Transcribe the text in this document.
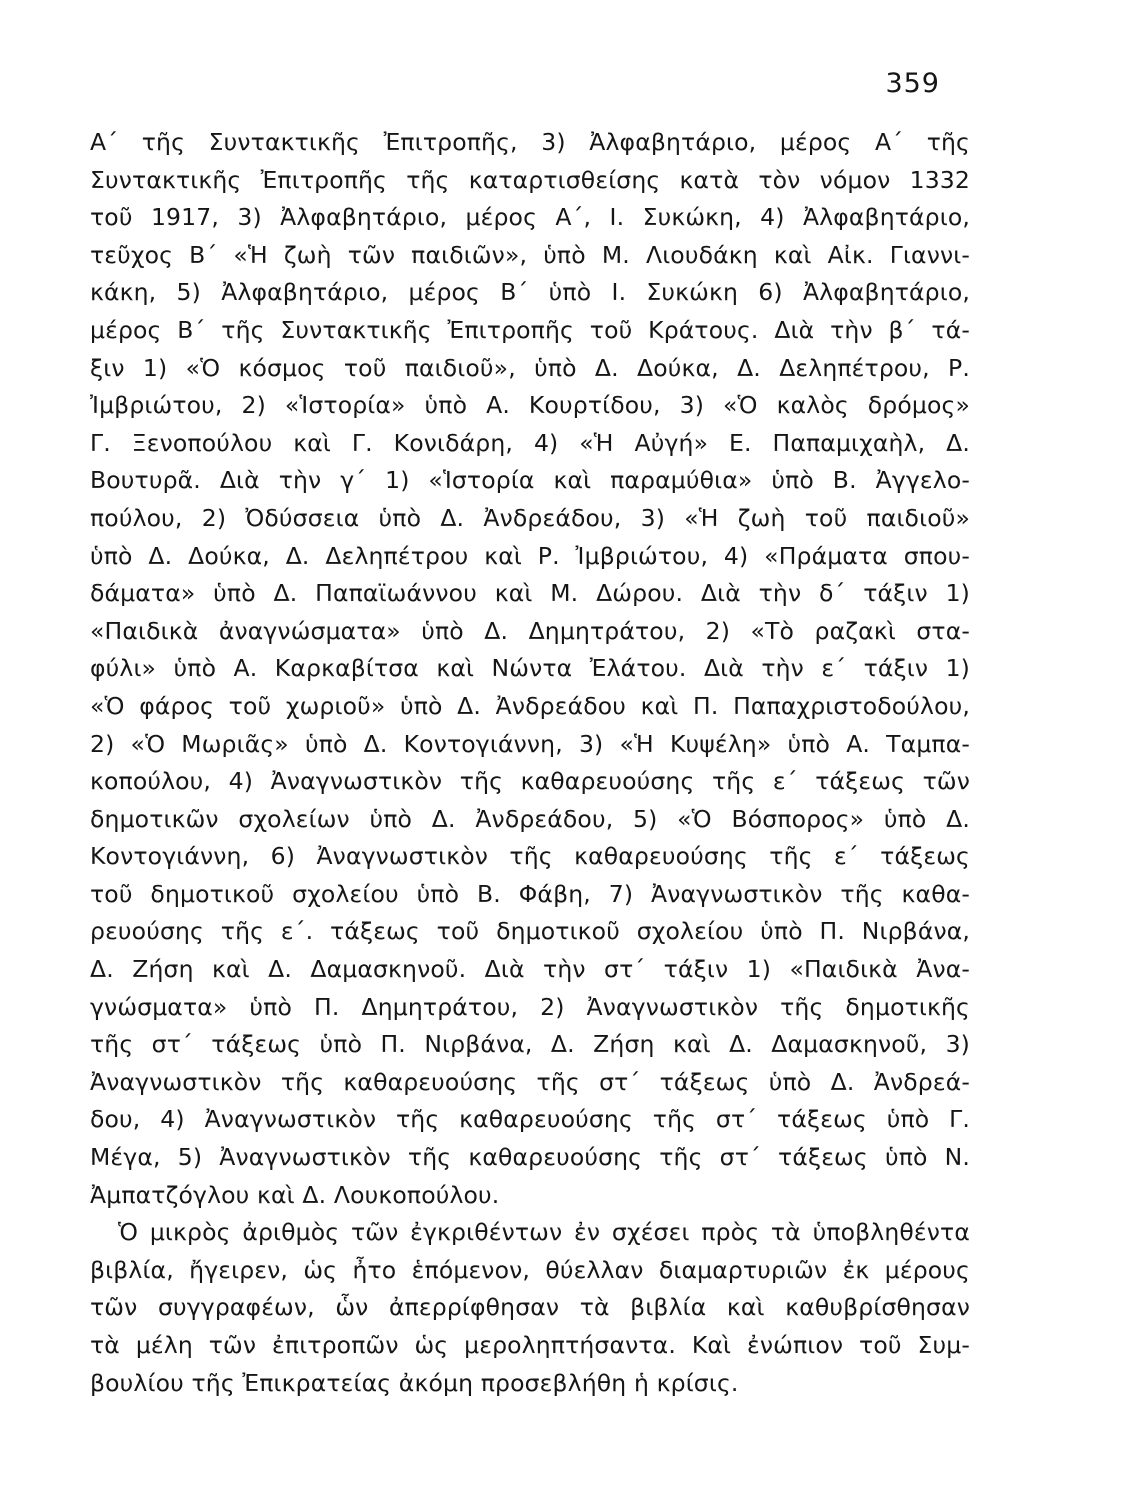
359
Α΄ τῆς Συντακτικῆς Ἐπιτροπῆς, 3) Ἀλφαβητάριο, μέρος Α΄ τῆς
Συντακτικῆς Ἐπιτροπῆς τῆς καταρτισθείσης κατὰ τὸν νόμον 1332
τοῦ 1917, 3) Ἀλφαβητάριο, μέρος Α΄, Ι. Συκώκη, 4) Ἀλφαβητάριο,
τεῦχος Β΄ «Ἡ ζωὴ τῶν παιδιῶν», ὑπὸ Μ. Λιουδάκη καὶ Αἰκ. Γιαννι-
κάκη, 5) Ἀλφαβητάριο, μέρος Β΄ ὑπὸ Ι. Συκώκη 6) Ἀλφαβητάριο,
μέρος Β΄ τῆς Συντακτικῆς Ἐπιτροπῆς τοῦ Κράτους. Διὰ τὴν β΄ τά-
ξιν 1) «Ὁ κόσμος τοῦ παιδιοῦ», ὑπὸ Δ. Δούκα, Δ. Δεληπέτρου, Ρ.
Ἰμβριώτου, 2) «Ἱστορία» ὑπὸ Α. Κουρτίδου, 3) «Ὁ καλὸς δρόμος»
Γ. Ξενοπούλου καὶ Γ. Κονιδάρη, 4) «Ἡ Αὐγή» Ε. Παπαμιχαὴλ, Δ.
Βουτυρᾶ. Διὰ τὴν γ΄ 1) «Ἱστορία καὶ παραμύθια» ὑπὸ Β. Ἀγγελο-
πούλου, 2) Ὀδύσσεια ὑπὸ Δ. Ἀνδρεάδου, 3) «Ἡ ζωὴ τοῦ παιδιοῦ»
ὑπὸ Δ. Δούκα, Δ. Δεληπέτρου καὶ Ρ. Ἰμβριώτου, 4) «Πράματα σπου-
δάματα» ὑπὸ Δ. Παπαϊωάννου καὶ Μ. Δώρου. Διὰ τὴν δ΄ τάξιν 1)
«Παιδικὰ ἀναγνώσματα» ὑπὸ Δ. Δημητράτου, 2) «Τὸ ραζακὶ στα-
φύλι» ὑπὸ Α. Καρκαβίτσα καὶ Νώντα Ἐλάτου. Διὰ τὴν ε΄ τάξιν 1)
«Ὁ φάρος τοῦ χωριοῦ» ὑπὸ Δ. Ἀνδρεάδου καὶ Π. Παπαχριστοδούλου,
2) «Ὁ Μωριᾶς» ὑπὸ Δ. Κοντογιάννη, 3) «Ἡ Κυψέλη» ὑπὸ Α. Ταμπα-
κοπούλου, 4) Ἀναγνωστικὸν τῆς καθαρευούσης τῆς ε΄ τάξεως τῶν
δημοτικῶν σχολείων ὑπὸ Δ. Ἀνδρεάδου, 5) «Ὁ Βόσπορος» ὑπὸ Δ.
Κοντογιάννη, 6) Ἀναγνωστικὸν τῆς καθαρευούσης τῆς ε΄ τάξεως
τοῦ δημοτικοῦ σχολείου ὑπὸ Β. Φάβη, 7) Ἀναγνωστικὸν τῆς καθα-
ρευούσης τῆς ε΄. τάξεως τοῦ δημοτικοῦ σχολείου ὑπὸ Π. Νιρβάνα,
Δ. Ζήση καὶ Δ. Δαμασκηνοῦ. Διὰ τὴν στ΄ τάξιν 1) «Παιδικὰ Ἀνα-
γνώσματα» ὑπὸ Π. Δημητράτου, 2) Ἀναγνωστικὸν τῆς δημοτικῆς
τῆς στ΄ τάξεως ὑπὸ Π. Νιρβάνα, Δ. Ζήση καὶ Δ. Δαμασκηνοῦ, 3)
Ἀναγνωστικὸν τῆς καθαρευούσης τῆς στ΄ τάξεως ὑπὸ Δ. Ἀνδρεά-
δου, 4) Ἀναγνωστικὸν τῆς καθαρευούσης τῆς στ΄ τάξεως ὑπὸ Γ.
Μέγα, 5) Ἀναγνωστικὸν τῆς καθαρευούσης τῆς στ΄ τάξεως ὑπὸ Ν.
Ἀμπατζόγλου καὶ Δ. Λουκοπούλου.
Ὁ μικρὸς ἀριθμὸς τῶν ἐγκριθέντων ἐν σχέσει πρὸς τὰ ὑποβληθέντα
βιβλία, ἤγειρεν, ὡς ἦτο ἑπόμενον, θύελλαν διαμαρτυριῶν ἐκ μέρους
τῶν συγγραφέων, ὧν ἀπερρίφθησαν τὰ βιβλία καὶ καθυβρίσθησαν
τὰ μέλη τῶν ἐπιτροπῶν ὡς μεροληπτήσαντα. Καὶ ἐνώπιον τοῦ Συμ-
βουλίου τῆς Ἐπικρατείας ἀκόμη προσεβλήθη ἡ κρίσις.
